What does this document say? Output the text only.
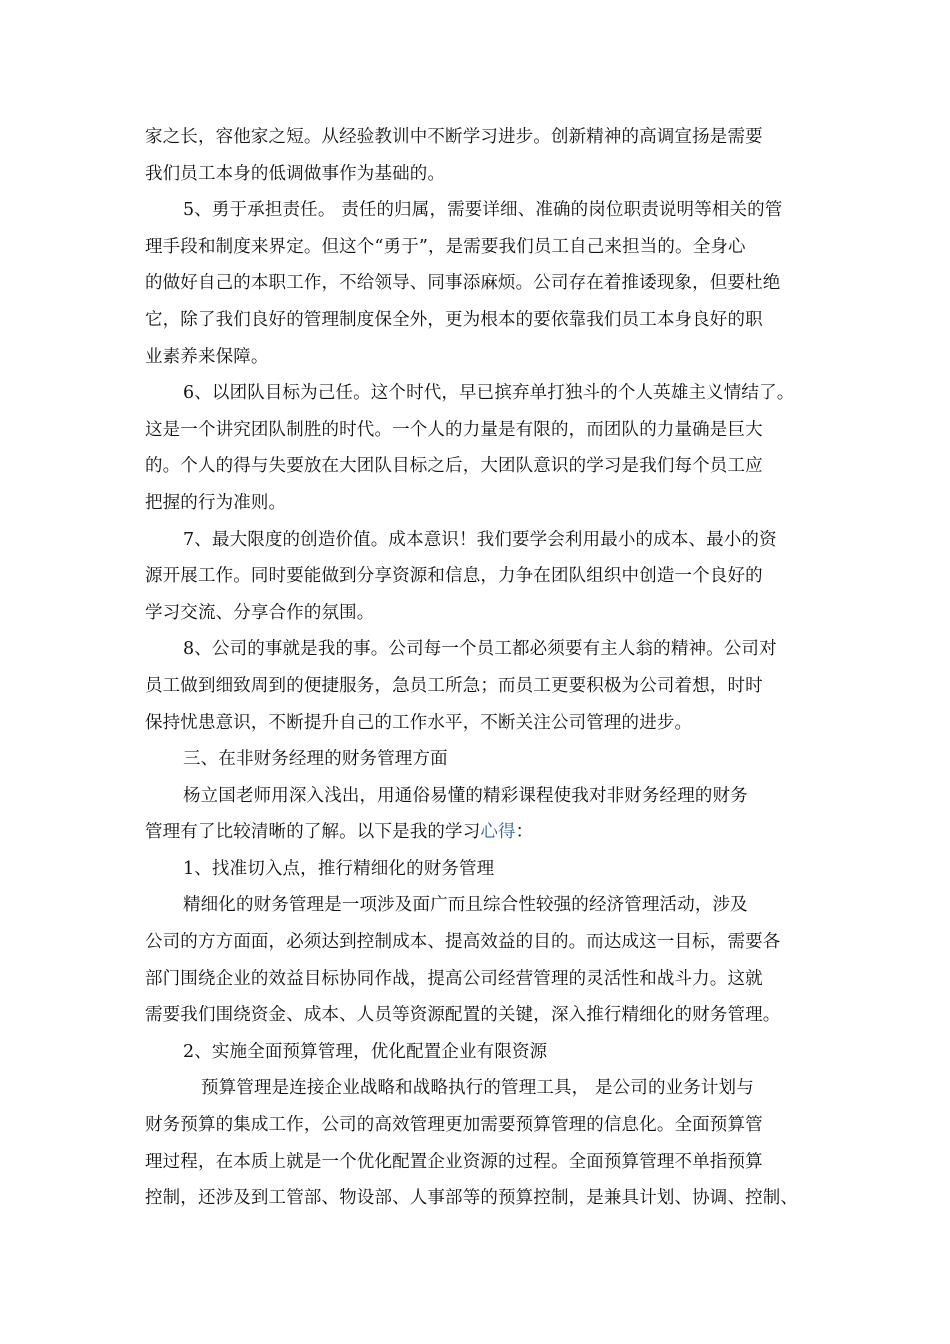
家之长，容他家之短。从经验教训中不断学习进步。创新精神的高调宣扬是需要
我们员工本身的低调做事作为基础的。
5、勇于承担责任。 责任的归属，需要详细、准确的岗位职责说明等相关的管
理手段和制度来界定。但这个“勇于”，是需要我们员工自己来担当的。全身心
的做好自己的本职工作，不给领导、同事添麻烦。公司存在着推诿现象，但要杜绝
它，除了我们良好的管理制度保全外，更为根本的要依靠我们员工本身良好的职
业素养来保障。
6、以团队目标为己任。这个时代，早已摈弃单打独斗的个人英雄主义情结了。
这是一个讲究团队制胜的时代。一个人的力量是有限的，而团队的力量确是巨大
的。个人的得与失要放在大团队目标之后，大团队意识的学习是我们每个员工应
把握的行为准则。
7、最大限度的创造价值。成本意识！我们要学会利用最小的成本、最小的资
源开展工作。同时要能做到分享资源和信息，力争在团队组织中创造一个良好的
学习交流、分享合作的氛围。
8、公司的事就是我的事。公司每一个员工都必须要有主人翁的精神。公司对
员工做到细致周到的便捷服务，急员工所急；而员工更要积极为公司着想，时时
保持忧患意识，不断提升自己的工作水平，不断关注公司管理的进步。
三、在非财务经理的财务管理方面
杨立国老师用深入浅出，用通俗易懂的精彩课程使我对非财务经理的财务
管理有了比较清晰的了解。以下是我的学习心得：
1、找准切入点，推行精细化的财务管理
精细化的财务管理是一项涉及面广而且综合性较强的经济管理活动，涉及
公司的方方面面，必须达到控制成本、提高效益的目的。而达成这一目标，需要各
部门围绕企业的效益目标协同作战，提高公司经营管理的灵活性和战斗力。这就
需要我们围绕资金、成本、人员等资源配置的关键，深入推行精细化的财务管理。
2、实施全面预算管理，优化配置企业有限资源
预算管理是连接企业战略和战略执行的管理工具， 是公司的业务计划与
财务预算的集成工作，公司的高效管理更加需要预算管理的信息化。全面预算管
理过程，在本质上就是一个优化配置企业资源的过程。全面预算管理不单指预算
控制，还涉及到工管部、物设部、人事部等的预算控制，是兼具计划、协调、控制、
